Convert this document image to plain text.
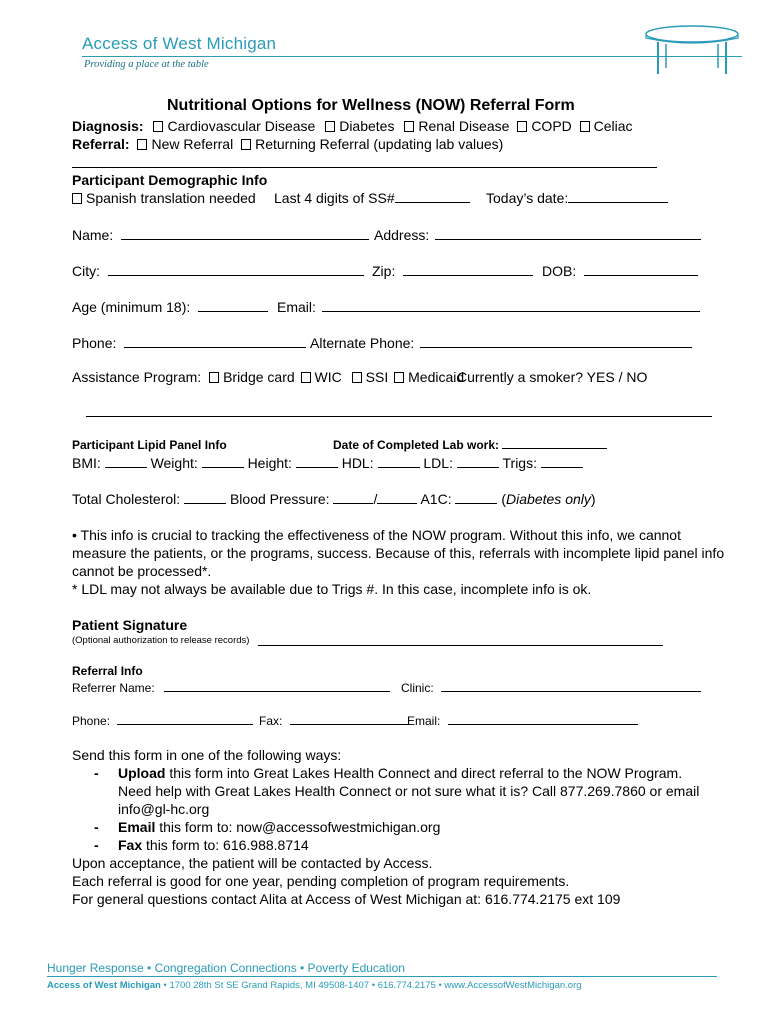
Access of West Michigan
Providing a place at the table
Nutritional Options for Wellness (NOW) Referral Form
Diagnosis: Cardiovascular Disease Diabetes Renal Disease COPD Celiac
Referral: New Referral Returning Referral (updating lab values)
Participant Demographic Info
Spanish translation needed Last 4 digits of SS#	Today’s date:
Name:	Address:
City:	Zip:	DOB:
Age (minimum 18):	Email:
Phone:	Alternate Phone:
Assistance Program: Bridge card WIC SSI Medicaid
Currently a smoker? YES / NO
Participant Lipid Panel Info	Date of Completed Lab work:
BMI:	Weight:	Height:	HDL:	LDL:	Trigs:
Total Cholesterol:	Blood Pressure:	/	A1C:	(Diabetes only)
• This info is crucial to tracking the effectiveness of the NOW program. Without this info, we cannot
measure the patients, or the programs, success. Because of this, referrals with incomplete lipid panel info
cannot be processed*.
* LDL may not always be available due to Trigs #. In this case, incomplete info is ok.
Patient Signature
(Optional authorization to release records)
Referral Info
Referrer Name:	Clinic:
Phone:	Fax:	Email:
Send this form in one of the following ways:
- Upload this form into Great Lakes Health Connect and direct referral to the NOW Program.
Need help with Great Lakes Health Connect or not sure what it is? Call 877.269.7860 or email
info@gl-hc.org
- Email this form to: now@accessofwestmichigan.org
- Fax this form to: 616.988.8714
Upon acceptance, the patient will be contacted by Access.
Each referral is good for one year, pending completion of program requirements.
For general questions contact Alita at Access of West Michigan at: 616.774.2175 ext 109
Hunger Response • Congregation Connections • Poverty Education
Access of West Michigan • 1700 28th St SE Grand Rapids, MI 49508-1407 • 616.774.2175 • www.AccessofWestMichigan.org
